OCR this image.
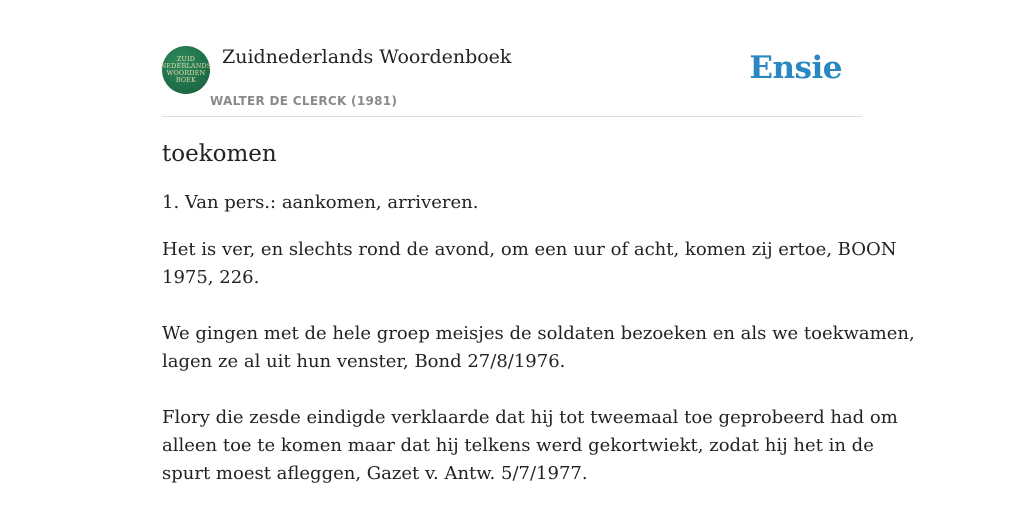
ZUID
NEDERLANDS
WOORDEN
BOEK
Zuidnederlands Woordenboek
WALTER DE CLERCK (1981)
Ensie
toekomen
1. Van pers.: aankomen, arriveren.
Het is ver, en slechts rond de avond, om een uur of acht, komen zij ertoe, BOON
1975, 226.
We gingen met de hele groep meisjes de soldaten bezoeken en als we toekwamen,
lagen ze al uit hun venster, Bond 27/8/1976.
Flory die zesde eindigde verklaarde dat hij tot tweemaal toe geprobeerd had om
alleen toe te komen maar dat hij telkens werd gekortwiekt, zodat hij het in de
spurt moest afleggen, Gazet v. Antw. 5/7/1977.
